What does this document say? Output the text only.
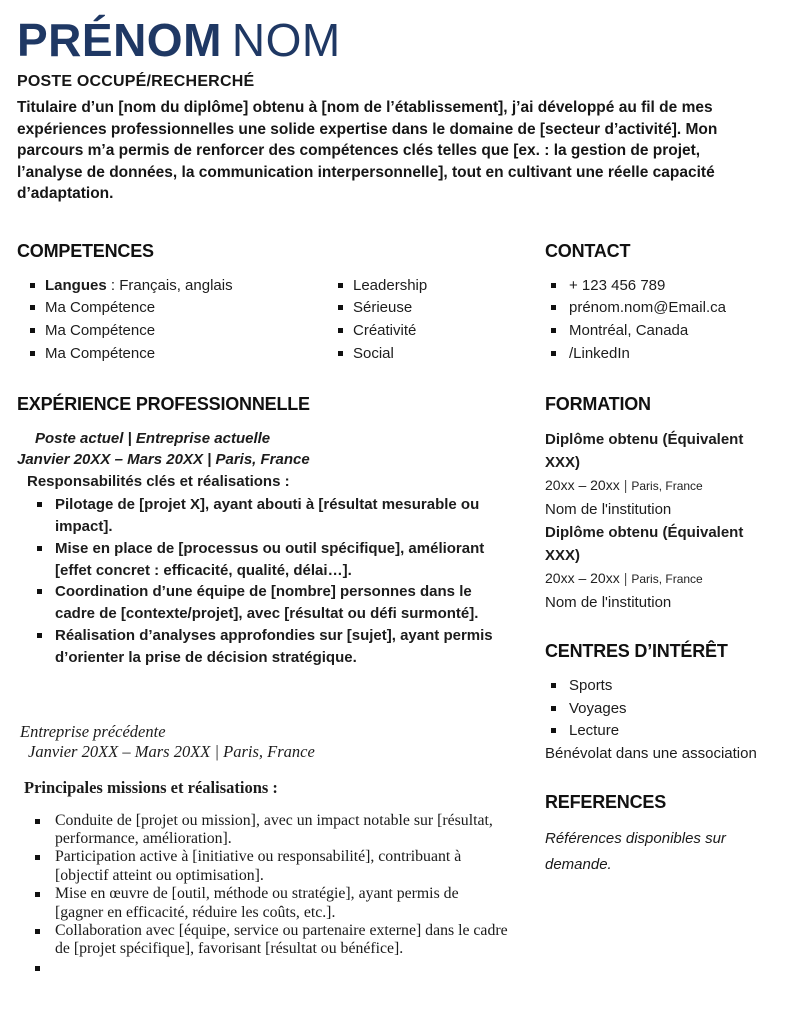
PRÉNOM NOM
POSTE OCCUPÉ/RECHERCHÉ

Titulaire d’un [nom du diplôme] obtenu à [nom de l’établissement], j’ai développé au fil de mes expériences professionnelles une solide expertise dans le domaine de [secteur d’activité]. Mon parcours m’a permis de renforcer des compétences clés telles que [ex. : la gestion de projet, l’analyse de données, la communication interpersonnelle], tout en cultivant une réelle capacité d’adaptation.

COMPETENCES
Langues : Français, anglais
Ma Compétence
Ma Compétence
Ma Compétence
Leadership
Sérieuse
Créativité
Social
EXPÉRIENCE PROFESSIONNELLE
Poste actuel | Entreprise actuelle
Janvier 20XX – Mars 20XX | Paris, France
Responsabilités clés et réalisations :
Pilotage de [projet X], ayant abouti à [résultat mesurable ou impact].
Mise en place de [processus ou outil spécifique], améliorant [effet concret : efficacité, qualité, délai…].
Coordination d’une équipe de [nombre] personnes dans le cadre de [contexte/projet], avec [résultat ou défi surmonté].
Réalisation d’analyses approfondies sur [sujet], ayant permis d’orienter la prise de décision stratégique.
Entreprise précédente
Janvier 20XX – Mars 20XX | Paris, France
Principales missions et réalisations :
Conduite de [projet ou mission], avec un impact notable sur [résultat, performance, amélioration].
Participation active à [initiative ou responsabilité], contribuant à [objectif atteint ou optimisation].
Mise en œuvre de [outil, méthode ou stratégie], ayant permis de [gagner en efficacité, réduire les coûts, etc.].
Collaboration avec [équipe, service ou partenaire externe] dans le cadre de [projet spécifique], favorisant [résultat ou bénéfice].
CONTACT
+ 123 456 789
prénom.nom@Email.ca
Montréal, Canada
/LinkedIn
FORMATION
Diplôme obtenu (Équivalent XXX)
20xx – 20xx | Paris, France
Nom de l'institution
Diplôme obtenu (Équivalent XXX)
20xx – 20xx | Paris, France
Nom de l'institution
CENTRES D’INTÉRÊT
Sports
Voyages
Lecture
Bénévolat dans une association
REFERENCES

Références disponibles sur demande.
